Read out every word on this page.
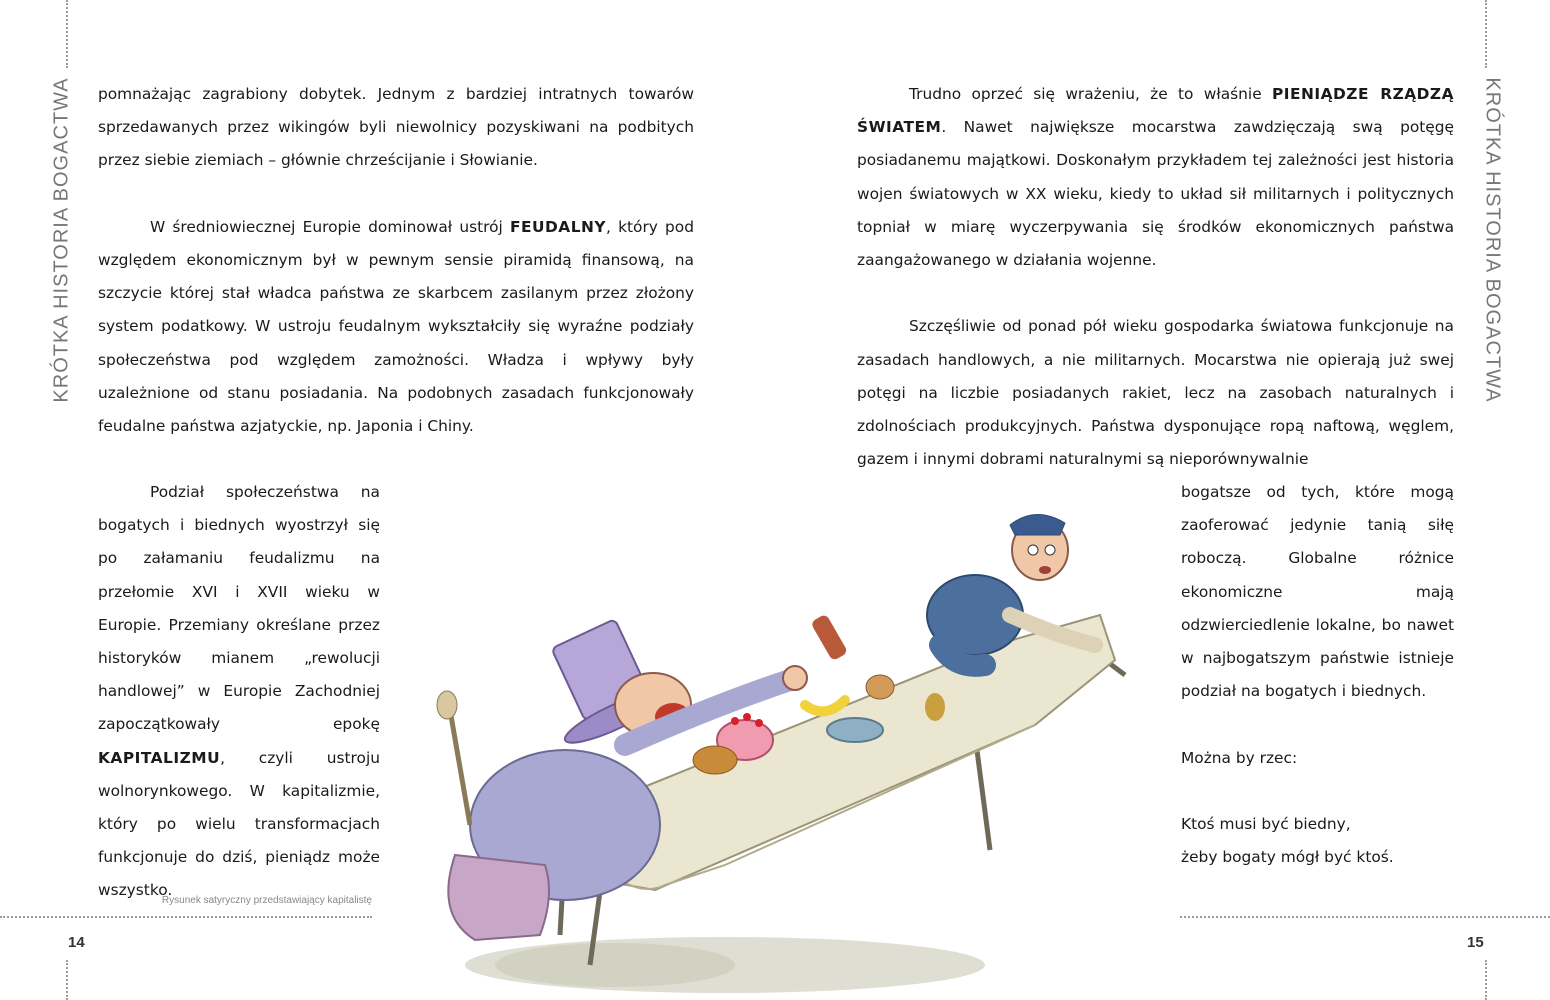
KRÓTKA HISTORIA BOGACTWA	KRÓTKA HISTORIA BOGACTWA
14	15

pomnażając zagrabiony dobytek. Jednym z bardziej intratnych towarów sprzedawanych przez wikingów byli niewolnicy pozyskiwani na podbitych przez siebie ziemiach – głównie chrześcijanie i Słowianie.

W średniowiecznej Europie dominował ustrój FEUDALNY, który pod względem ekonomicznym był w pewnym sensie piramidą finansową, na szczycie której stał władca państwa ze skarbcem zasilanym przez złożony system podatkowy. W ustroju feudalnym wykształciły się wyraźne podziały społeczeństwa pod względem zamożności. Władza i wpływy były uzależnione od stanu posiadania. Na podobnych zasadach funkcjonowały feudalne państwa azjatyckie, np. Japonia i Chiny.

Podział społeczeństwa na bogatych i biednych wyostrzył się po załamaniu feudalizmu na przełomie XVI i XVII wieku w Europie. Przemiany określane przez historyków mianem „rewolucji handlowej” w Europie Zachodniej zapoczątkowały epokę KAPITALIZMU, czyli ustroju wolnorynkowego. W kapitalizmie, który po wielu transformacjach funkcjonuje do dziś, pieniądz może wszystko.

Rysunek satyryczny przedstawiający kapitalistę

Trudno oprzeć się wrażeniu, że to właśnie PIENIĄDZE RZĄDZĄ ŚWIATEM. Nawet największe mocarstwa zawdzięczają swą potęgę posiadanemu majątkowi. Doskonałym przykładem tej zależności jest historia wojen światowych w XX wieku, kiedy to układ sił militarnych i politycznych topniał w miarę wyczerpywania się środków ekonomicznych państwa zaangażowanego w działania wojenne.

Szczęśliwie od ponad pół wieku gospodarka światowa funkcjonuje na zasadach handlowych, a nie militarnych. Mocarstwa nie opierają już swej potęgi na liczbie posiadanych rakiet, lecz na zasobach naturalnych i zdolnościach produkcyjnych. Państwa dysponujące ropą naftową, węglem, gazem i innymi dobrami naturalnymi są nieporównywalnie

bogatsze od tych, które mogą zaoferować jedynie tanią siłę roboczą. Globalne różnice ekonomiczne mają odzwierciedlenie lokalne, bo nawet w najbogatszym państwie istnieje podział na bogatych i biednych.

Można by rzec:

Ktoś musi być biedny,

żeby bogaty mógł być ktoś.
